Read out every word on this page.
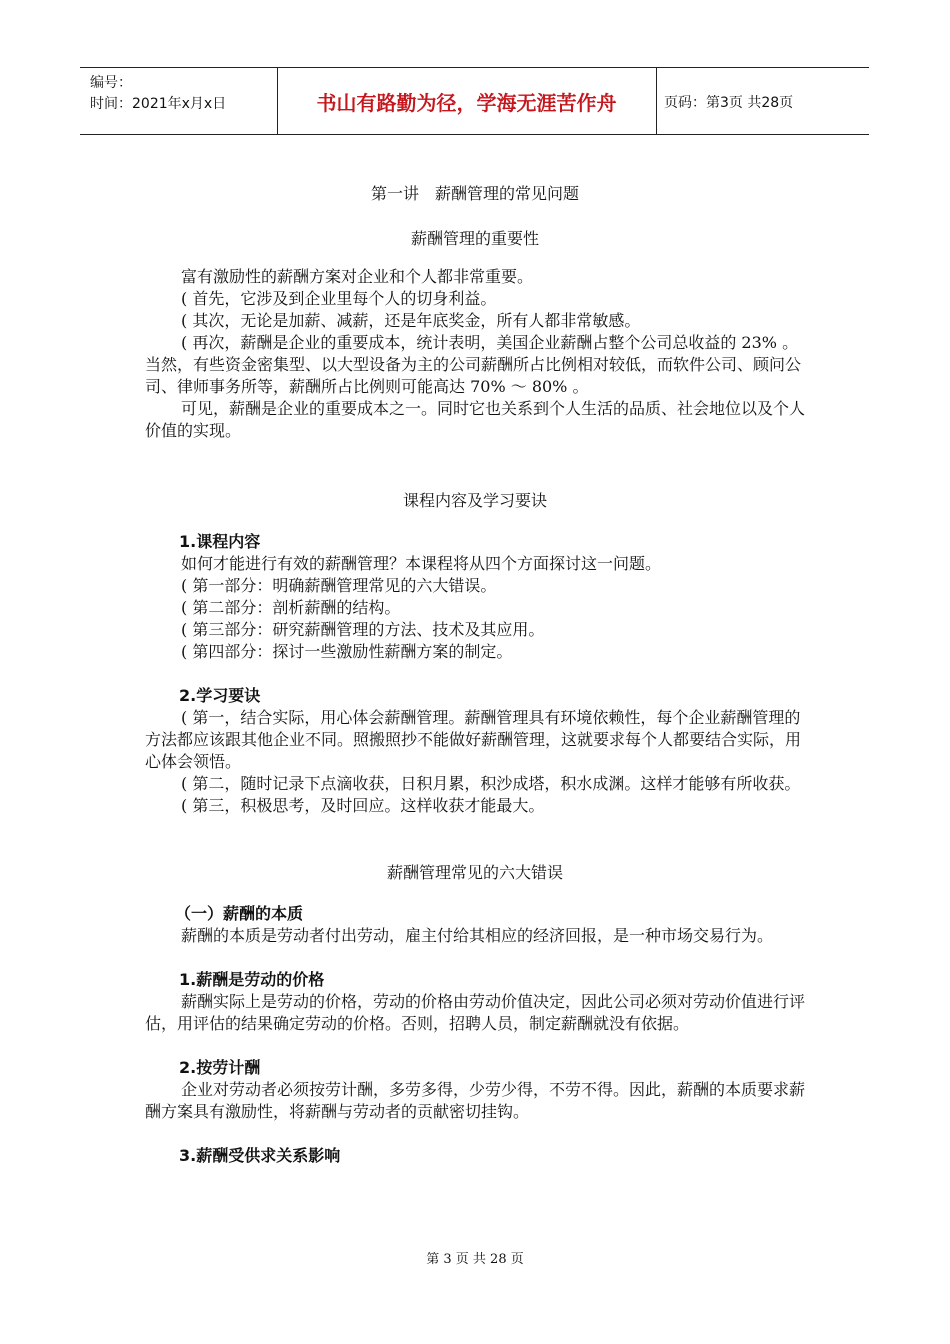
编号：
时间：2021年x月x日	书山有路勤为径，学海无涯苦作舟	页码：第3页 共28页
第一讲　薪酬管理的常见问题
薪酬管理的重要性

富有激励性的薪酬方案对企业和个人都非常重要。

( 首先，它涉及到企业里每个人的切身利益。

( 其次，无论是加薪、减薪，还是年底奖金，所有人都非常敏感。

( 再次，薪酬是企业的重要成本，统计表明，美国企业薪酬占整个公司总收益的 23% 。当然，有些资金密集型、以大型设备为主的公司薪酬所占比例相对较低，而软件公司、顾问公司、律师事务所等，薪酬所占比例则可能高达 70% ～ 80% 。

可见，薪酬是企业的重要成本之一。同时它也关系到个人生活的品质、社会地位以及个人价值的实现。

课程内容及学习要诀

1.课程内容

如何才能进行有效的薪酬管理？本课程将从四个方面探讨这一问题。

( 第一部分：明确薪酬管理常见的六大错误。

( 第二部分：剖析薪酬的结构。

( 第三部分：研究薪酬管理的方法、技术及其应用。

( 第四部分：探讨一些激励性薪酬方案的制定。

2.学习要诀

( 第一，结合实际，用心体会薪酬管理。薪酬管理具有环境依赖性，每个企业薪酬管理的方法都应该跟其他企业不同。照搬照抄不能做好薪酬管理，这就要求每个人都要结合实际，用心体会领悟。

( 第二，随时记录下点滴收获，日积月累，积沙成塔，积水成渊。这样才能够有所收获。

( 第三，积极思考，及时回应。这样收获才能最大。

薪酬管理常见的六大错误

（一）薪酬的本质

薪酬的本质是劳动者付出劳动，雇主付给其相应的经济回报，是一种市场交易行为。

1.薪酬是劳动的价格

薪酬实际上是劳动的价格，劳动的价格由劳动价值决定，因此公司必须对劳动价值进行评估，用评估的结果确定劳动的价格。否则，招聘人员，制定薪酬就没有依据。

2.按劳计酬

企业对劳动者必须按劳计酬，多劳多得，少劳少得，不劳不得。因此，薪酬的本质要求薪酬方案具有激励性，将薪酬与劳动者的贡献密切挂钩。

3.薪酬受供求关系影响

第 3 页 共 28 页
